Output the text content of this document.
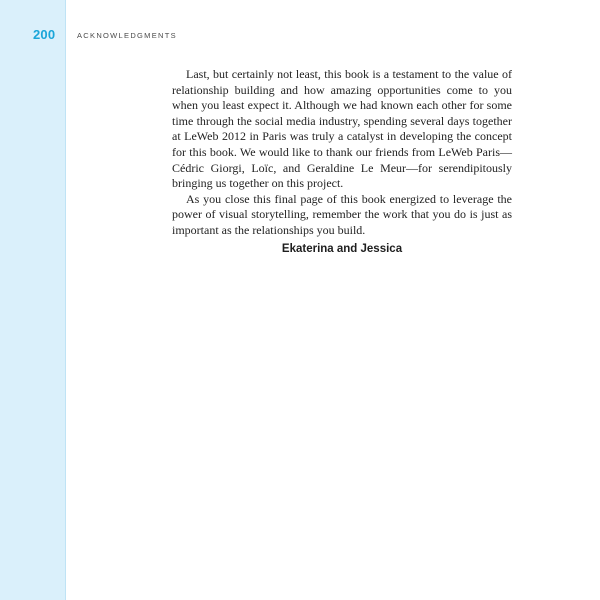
200	ACKNOWLEDGMENTS

Last, but certainly not least, this book is a testament to the value of relationship building and how amazing opportunities come to you when you least expect it. Although we had known each other for some time through the social media industry, spending several days together at LeWeb 2012 in Paris was truly a catalyst in developing the concept for this book. We would like to thank our friends from LeWeb Paris—Cédric Giorgi, Loïc, and Geraldine Le Meur—for serendipitously bringing us together on this project.

As you close this final page of this book energized to leverage the power of visual storytelling, remember the work that you do is just as important as the relationships you build.

Ekaterina and Jessica
